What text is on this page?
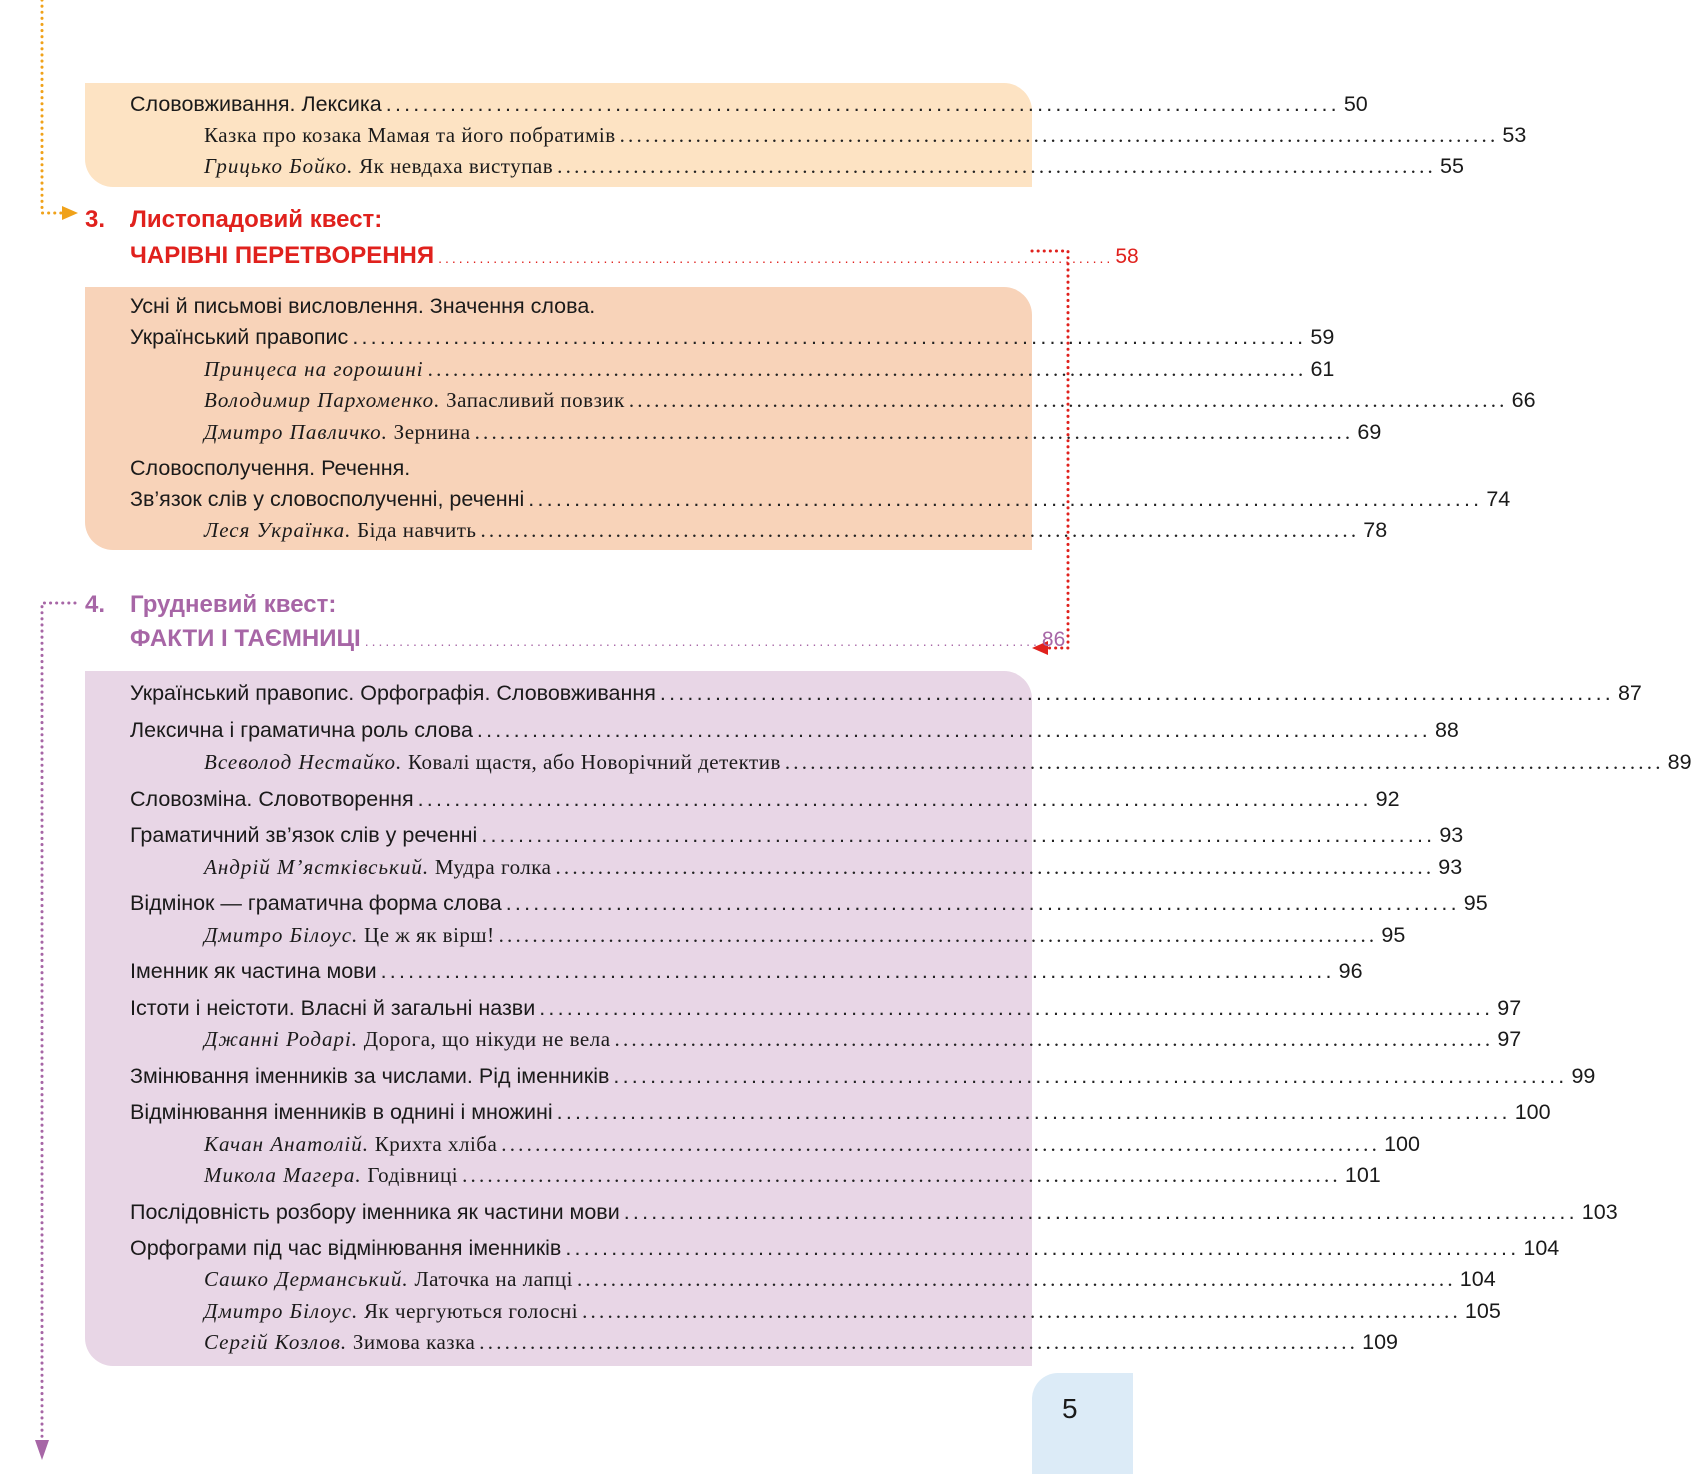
Слововживання. Лексика ........................................................................................................ 50
Казка про козака Мамая та його побратимів ........................................................................................................ 53
Грицько Бойко. Як невдаха виступав ........................................................................................................ 55
3. Листопадовий квест:
ЧАРІВНІ ПЕРЕТВОРЕННЯ .................................................................................................. 58
Усні й письмові висловлення. Значення слова.
Український правопис ........................................................................................................ 59
Принцеса на горошині ........................................................................................................ 61
Володимир Пархоменко. Запасливий повзик ........................................................................................................ 66
Дмитро Павличко. Зернина ........................................................................................................ 69
Словосполучення. Речення.
Зв’язок слів у словосполученні, реченні ........................................................................................................ 74
Леся Українка. Біда навчить ........................................................................................................ 78
4. Грудневий квест:
ФАКТИ І ТАЄМНИЦІ .................................................................................................. 86
Український правопис. Орфографія. Слововживання ........................................................................................................ 87
Лексична і граматична роль слова ........................................................................................................ 88
Всеволод Нестайко. Ковалі щастя, або Новорічний детектив ........................................................................................................ 89
Словозміна. Словотворення ........................................................................................................ 92
Граматичний зв’язок слів у реченні ........................................................................................................ 93
Андрій М’ястківський. Мудра голка ........................................................................................................ 93
Відмінок — граматична форма слова ........................................................................................................ 95
Дмитро Білоус. Це ж як вірш! ........................................................................................................ 95
Іменник як частина мови ........................................................................................................ 96
Істоти і неістоти. Власні й загальні назви ........................................................................................................ 97
Джанні Родарі. Дорога, що нікуди не вела ........................................................................................................ 97
Змінювання іменників за числами. Рід іменників ........................................................................................................ 99
Відмінювання іменників в однині і множині ........................................................................................................ 100
Качан Анатолій. Крихта хліба ........................................................................................................ 100
Микола Магера. Годівниці ........................................................................................................ 101
Послідовність розбору іменника як частини мови ........................................................................................................ 103
Орфограми під час відмінювання іменників ........................................................................................................ 104
Сашко Дерманський. Латочка на лапці ........................................................................................................ 104
Дмитро Білоус. Як чергуються голосні ........................................................................................................ 105
Сергій Козлов. Зимова казка ........................................................................................................ 109
5
